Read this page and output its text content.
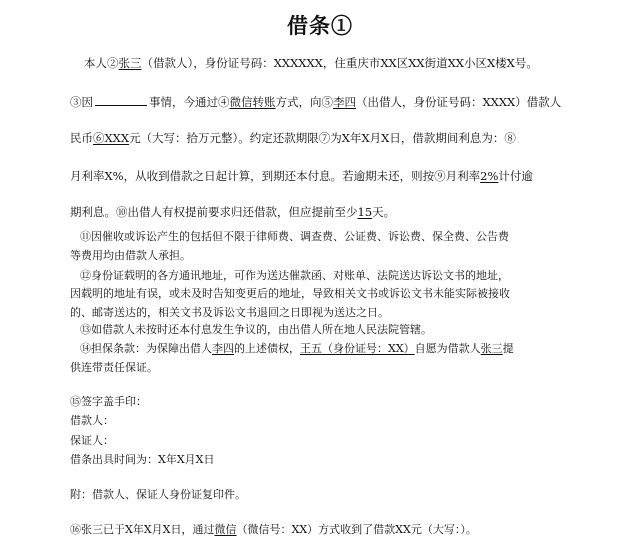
借条①
本人②张三（借款人），身份证号码：XXXXXX，住重庆市XX区XX街道XX小区X楼X号。
③因	事情，今通过④微信转账方式，向⑤李四（出借人，身份证号码：XXXX）借款人
民币⑥XXX元（大写：拾万元整）。约定还款期限⑦为X年X月X日，借款期间利息为：⑧
月利率X%，从收到借款之日起计算，到期还本付息。若逾期未还，则按⑨月利率2%计付逾
期利息。⑩出借人有权提前要求归还借款，但应提前至少15天。
⑪因催收或诉讼产生的包括但不限于律师费、调查费、公证费、诉讼费、保全费、公告费
等费用均由借款人承担。
⑫身份证载明的各方通讯地址，可作为送达催款函、对账单、法院送达诉讼文书的地址，
因载明的地址有误，或未及时告知变更后的地址，导致相关文书或诉讼文书未能实际被接收
的、邮寄送达的，相关文书及诉讼文书退回之日即视为送达之日。
⑬如借款人未按时还本付息发生争议的，由出借人所在地人民法院管辖。
⑭担保条款：为保障出借人李四的上述债权，王五（身份证号：XX）自愿为借款人张三提
供连带责任保证。
⑮签字盖手印：
借款人：
保证人：
借条出具时间为：X年X月X日
附：借款人、保证人身份证复印件。
⑯张三已于X年X月X日，通过微信（微信号：XX）方式收到了借款XX元（大写：）。
